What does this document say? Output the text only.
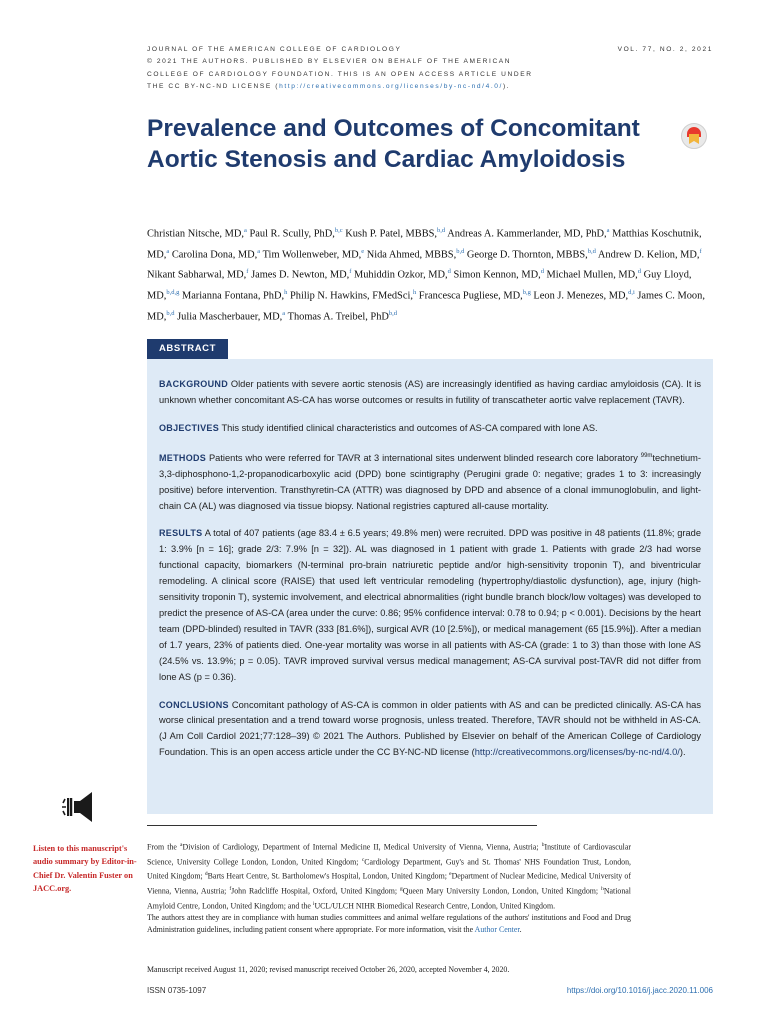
JOURNAL OF THE AMERICAN COLLEGE OF CARDIOLOGY	VOL. 77, NO. 2, 2021
© 2021 THE AUTHORS. PUBLISHED BY ELSEVIER ON BEHALF OF THE AMERICAN
COLLEGE OF CARDIOLOGY FOUNDATION. THIS IS AN OPEN ACCESS ARTICLE UNDER
THE CC BY-NC-ND LICENSE (http://creativecommons.org/licenses/by-nc-nd/4.0/).
Prevalence and Outcomes of Concomitant Aortic Stenosis and Cardiac Amyloidosis
Christian Nitsche, MD,$^a$ Paul R. Scully, PhD,$^{b,c}$ Kush P. Patel, MBBS,$^{b,d}$ Andreas A. Kammerlander, MD, PhD,$^a$ Matthias Koschutnik, MD,$^a$ Carolina Dona, MD,$^a$ Tim Wollenweber, MD,$^e$ Nida Ahmed, MBBS,$^{b,d}$ George D. Thornton, MBBS,$^{b,d}$ Andrew D. Kelion, MD,$^f$ Nikant Sabharwal, MD,$^f$ James D. Newton, MD,$^f$ Muhiddin Ozkor, MD,$^d$ Simon Kennon, MD,$^d$ Michael Mullen, MD,$^d$ Guy Lloyd, MD,$^{b,d,g}$ Marianna Fontana, PhD,$^h$ Philip N. Hawkins, FMedSci,$^h$ Francesca Pugliese, MD,$^{b,g}$ Leon J. Menezes, MD,$^{d,i}$ James C. Moon, MD,$^{b,d}$ Julia Mascherbauer, MD,$^a$ Thomas A. Treibel, PhD$^{b,d}$
ABSTRACT

BACKGROUND Older patients with severe aortic stenosis (AS) are increasingly identified as having cardiac amyloidosis (CA). It is unknown whether concomitant AS-CA has worse outcomes or results in futility of transcatheter aortic valve replacement (TAVR).

OBJECTIVES This study identified clinical characteristics and outcomes of AS-CA compared with lone AS.

METHODS Patients who were referred for TAVR at 3 international sites underwent blinded research core laboratory $^{99m}$technetium-3,3-diphosphono-1,2-propanodicarboxylic acid (DPD) bone scintigraphy (Perugini grade 0: negative; grades 1 to 3: increasingly positive) before intervention. Transthyretin-CA (ATTR) was diagnosed by DPD and absence of a clonal immunoglobulin, and light-chain CA (AL) was diagnosed via tissue biopsy. National registries captured all-cause mortality.

RESULTS A total of 407 patients (age 83.4 ± 6.5 years; 49.8% men) were recruited. DPD was positive in 48 patients (11.8%; grade 1: 3.9% [n = 16]; grade 2/3: 7.9% [n = 32]). AL was diagnosed in 1 patient with grade 1. Patients with grade 2/3 had worse functional capacity, biomarkers (N-terminal pro-brain natriuretic peptide and/or high-sensitivity troponin T), and biventricular remodeling. A clinical score (RAISE) that used left ventricular remodeling (hypertrophy/diastolic dysfunction), age, injury (high-sensitivity troponin T), systemic involvement, and electrical abnormalities (right bundle branch block/low voltages) was developed to predict the presence of AS-CA (area under the curve: 0.86; 95% confidence interval: 0.78 to 0.94; p < 0.001). Decisions by the heart team (DPD-blinded) resulted in TAVR (333 [81.6%]), surgical AVR (10 [2.5%]), or medical management (65 [15.9%]). After a median of 1.7 years, 23% of patients died. One-year mortality was worse in all patients with AS-CA (grade: 1 to 3) than those with lone AS (24.5% vs. 13.9%; p = 0.05). TAVR improved survival versus medical management; AS-CA survival post-TAVR did not differ from lone AS (p = 0.36).

CONCLUSIONS Concomitant pathology of AS-CA is common in older patients with AS and can be predicted clinically. AS-CA has worse clinical presentation and a trend toward worse prognosis, unless treated. Therefore, TAVR should not be withheld in AS-CA. (J Am Coll Cardiol 2021;77:128–39) © 2021 The Authors. Published by Elsevier on behalf of the American College of Cardiology Foundation. This is an open access article under the CC BY-NC-ND license (http://creativecommons.org/licenses/by-nc-nd/4.0/).

Listen to this manuscript's audio summary by Editor-in-Chief Dr. Valentin Fuster on JACC.org.

From the $^a$Division of Cardiology, Department of Internal Medicine II, Medical University of Vienna, Vienna, Austria; $^b$Institute of Cardiovascular Science, University College London, London, United Kingdom; $^c$Cardiology Department, Guy's and St. Thomas' NHS Foundation Trust, London, United Kingdom; $^d$Barts Heart Centre, St. Bartholomew's Hospital, London, United Kingdom; $^e$Department of Nuclear Medicine, Medical University of Vienna, Vienna, Austria; $^f$John Radcliffe Hospital, Oxford, United Kingdom; $^g$Queen Mary University London, London, United Kingdom; $^h$National Amyloid Centre, London, United Kingdom; and the $^i$UCL/ULCH NIHR Biomedical Research Centre, London, United Kingdom.

The authors attest they are in compliance with human studies committees and animal welfare regulations of the authors' institutions and Food and Drug Administration guidelines, including patient consent where appropriate. For more information, visit the Author Center.

Manuscript received August 11, 2020; revised manuscript received October 26, 2020, accepted November 4, 2020.
ISSN 0735-1097	https://doi.org/10.1016/j.jacc.2020.11.006
